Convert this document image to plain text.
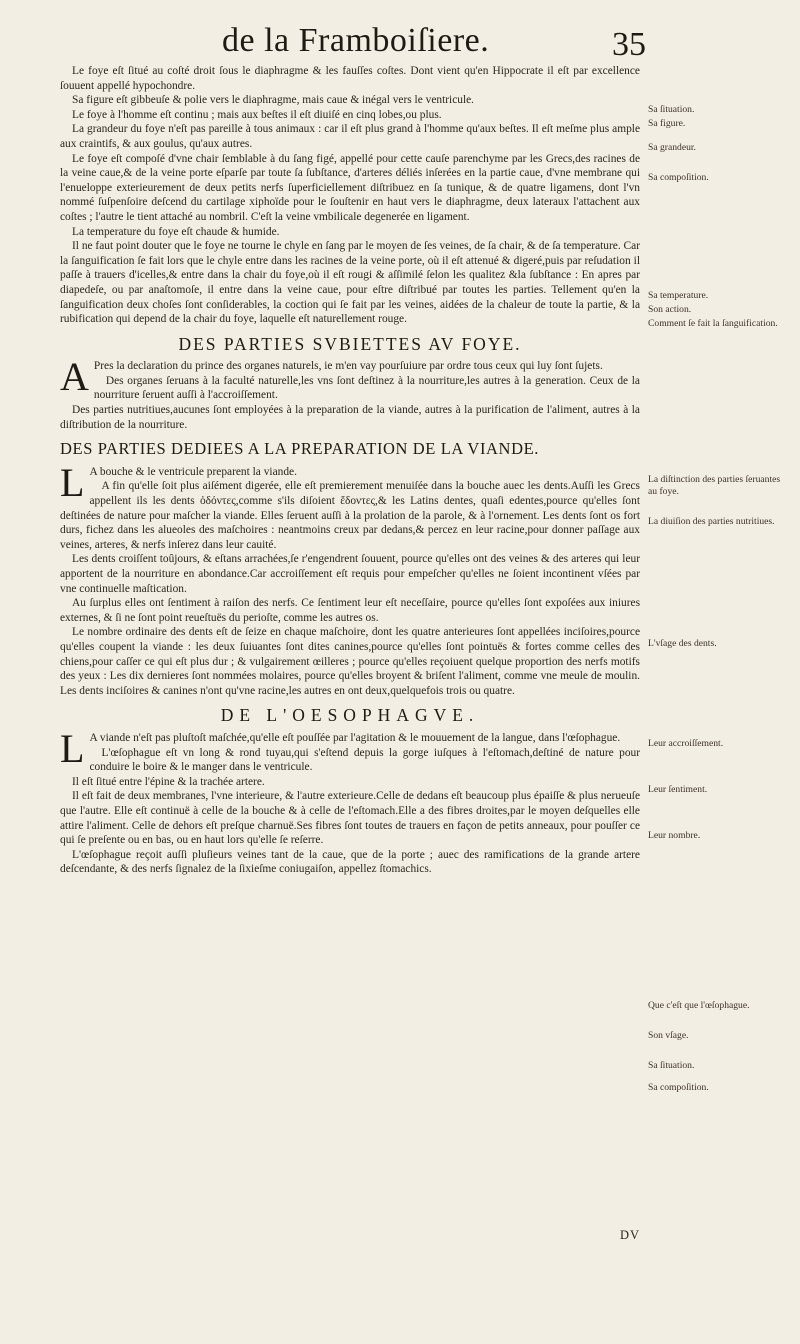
de la Framboiſiere.	35

Le foye eſt ſitué au coſté droit ſous le diaphragme & les fauſſes coſtes. Dont vient qu'en Hippocrate il eſt par excellence ſouuent appellé hypochondre.

Sa figure eſt gibbeuſe & polie vers le diaphragme, mais caue & inégal vers le ventricule.

Le foye à l'homme eſt continu ; mais aux beſtes il eſt diuiſé en cinq lobes,ou plus.

La grandeur du foye n'eſt pas pareille à tous animaux : car il eſt plus grand à l'homme qu'aux beſtes. Il eſt meſme plus ample aux craintifs, & aux goulus, qu'aux autres.

Le foye eſt compoſé d'vne chair ſemblable à du ſang figé, appellé pour cette cauſe parenchyme par les Grecs,des racines de la veine caue,& de la veine porte eſparſe par toute ſa ſubſtance, d'arteres déliés inſerées en la partie caue, d'vne membrane qui l'enueloppe exterieurement de deux petits nerfs ſuperficiellement diſtribuez en ſa tunique, & de quatre ligamens, dont l'vn nommé ſuſpenſoire deſcend du cartilage xiphoïde pour le ſouſtenir en haut vers le diaphragme, deux lateraux l'attachent aux coſtes ; l'autre le tient attaché au nombril. C'eſt la veine vmbilicale degenerée en ligament.

La temperature du foye eſt chaude & humide.

Il ne faut point douter que le foye ne tourne le chyle en ſang par le moyen de ſes veines, de ſa chair, & de ſa temperature. Car la ſanguification ſe fait lors que le chyle entre dans les racines de la veine porte, où il eſt attenué & digeré,puis par reſudation il paſſe à trauers d'icelles,& entre dans la chair du foye,où il eſt rougi & aſſimilé ſelon les qualitez &la ſubſtance : En apres par diapedeſe, ou par anaſtomoſe, il entre dans la veine caue, pour eſtre diſtribué par toutes les parties. Tellement qu'en la ſanguification deux choſes ſont conſiderables, la coction qui ſe fait par les veines, aidées de la chaleur de toute la partie, & la rubification qui depend de la chair du foye, laquelle eſt naturellement rouge.

DES PARTIES SVBIETTES AV FOYE.

A Pres la declaration du prince des organes naturels, ie m'en vay pourſuiure par ordre tous ceux qui luy ſont ſujets.

Des organes ſeruans à la faculté naturelle,les vns ſont deſtinez à la nourriture,les autres à la generation. Ceux de la nourriture ſeruent auſſi à l'accroiſſement.

Des parties nutritiues,aucunes ſont employées à la preparation de la viande, autres à la purification de l'aliment, autres à la diſtribution de la nourriture.

DES PARTIES DEDIEES A LA PREPARATION DE LA VIANDE.

L A bouche & le ventricule preparent la viande.

A fin qu'elle ſoit plus aiſément digerée, elle eſt premierement menuiſée dans la bouche auec les dents.Auſſi les Grecs appellent ils les dents ὀδόντες,comme s'ils diſoient ἔδοντες,& les Latins dentes, quaſi edentes,pource qu'elles ſont deſtinées de nature pour maſcher la viande. Elles ſeruent auſſi à la prolation de la parole, & à l'ornement. Les dents ſont os fort durs, fichez dans les alueoles des maſchoires : neantmoins creux par dedans,& percez en leur racine,pour donner paſſage aux veines, arteres, & nerfs inſerez dans leur cauité.

Les dents croiſſent toûjours, & eſtans arrachées,ſe r'engendrent ſouuent, pource qu'elles ont des veines & des arteres qui leur apportent de la nourriture en abondance.Car accroiſſement eſt requis pour empeſcher qu'elles ne ſoient incontinent vſées par vne continuelle maſtication.

Au ſurplus elles ont ſentiment à raiſon des nerfs. Ce ſentiment leur eſt neceſſaire, pource qu'elles ſont expoſées aux iniures externes, & ſi ne ſont point reueſtuës du perioſte, comme les autres os.

Le nombre ordinaire des dents eſt de ſeize en chaque maſchoire, dont les quatre anterieures ſont appellées inciſoires,pource qu'elles coupent la viande : les deux ſuiuantes ſont dites canines,pource qu'elles ſont pointuës & fortes comme celles des chiens,pour caſſer ce qui eſt plus dur ; & vulgairement œilleres ; pource qu'elles reçoiuent quelque proportion des nerfs motifs des yeux : Les dix dernieres ſont nommées molaires, pource qu'elles broyent & briſent l'aliment, comme vne meule de moulin. Les dents inciſoires & canines n'ont qu'vne racine,les autres en ont deux,quelquefois trois ou quatre.

DE L'OESOPHAGVE.

L A viande n'eſt pas pluſtoſt maſchée,qu'elle eſt pouſſée par l'agitation & le mouuement de la langue, dans l'œſophague.

L'œſophague eſt vn long & rond tuyau,qui s'eſtend depuis la gorge iuſques à l'eſtomach,deſtiné de nature pour conduire le boire & le manger dans le ventricule.

Il eſt ſitué entre l'épine & la trachée artere.

Il eſt fait de deux membranes, l'vne interieure, & l'autre exterieure.Celle de dedans eſt beaucoup plus épaiſſe & plus nerueuſe que l'autre. Elle eſt continuë à celle de la bouche & à celle de l'eſtomach.Elle a des fibres droites,par le moyen deſquelles elle attire l'aliment. Celle de dehors eſt preſque charnuë.Ses fibres ſont toutes de trauers en façon de petits anneaux, pour pouſſer ce qui ſe preſente ou en bas, ou en haut lors qu'elle ſe reſerre.

L'œſophague reçoit auſſi pluſieurs veines tant de la caue, que de la porte ; auec des ramifications de la grande artere deſcendante, & des nerfs ſignalez de la ſixieſme coniugaiſon, appellez ſtomachics.

Sa ſituation.
Sa figure.
Sa grandeur.
Sa compoſition.
Sa temperature.
Son action.
Comment ſe fait la ſanguification.
La diſtinction des parties ſeruantes au foye.
La diuiſion des parties nutritiues.
L'vſage des dents.
Leur accroiſſement.
Leur ſentiment.
Leur nombre.
Que c'eſt que l'œſophague.
Son vſage.
Sa ſituation.
Sa compoſition.
DV
